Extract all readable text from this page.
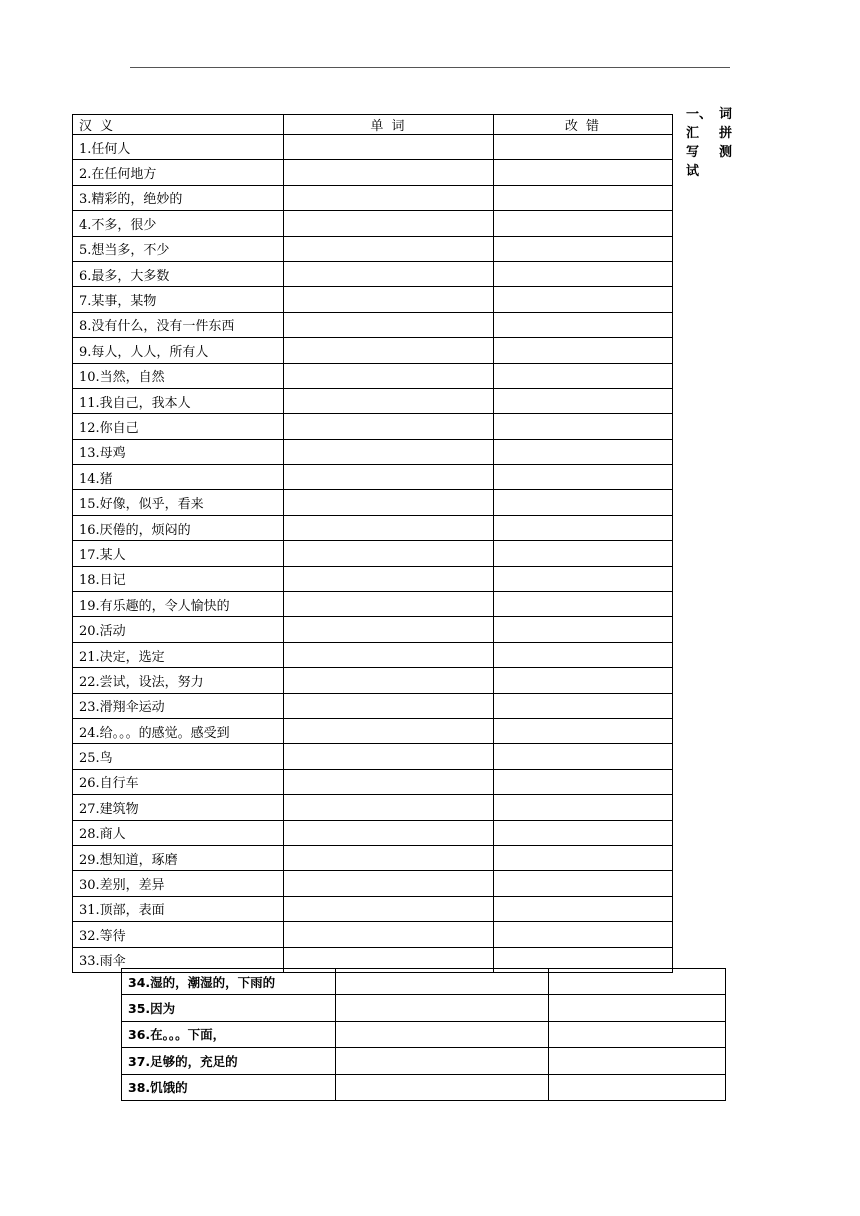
汉 义	单 词	改 错
1.任何人		
2.在任何地方		
3.精彩的，绝妙的		
4.不多，很少		
5.想当多，不少		
6.最多，大多数		
7.某事，某物		
8.没有什么，没有一件东西		
9.每人，人人，所有人		
10.当然，自然		
11.我自己，我本人		
12.你自己		
13.母鸡		
14.猪		
15.好像，似乎，看来		
16.厌倦的，烦闷的		
17.某人		
18.日记		
19.有乐趣的，令人愉快的		
20.活动		
21.决定，选定		
22.尝试，设法，努力		
23.滑翔伞运动		
24.给。。。的感觉。感受到		
25.鸟		
26.自行车		
27.建筑物		
28.商人		
29.想知道，琢磨		
30.差别，差异		
31.顶部，表面		
32.等待		
33.雨伞		
34.湿的，潮湿的，下雨的		
35.因为		
36.在。。。下面，		
37.足够的，充足的		
38.饥饿的		
一、 词
汇 拼
写 测
试
